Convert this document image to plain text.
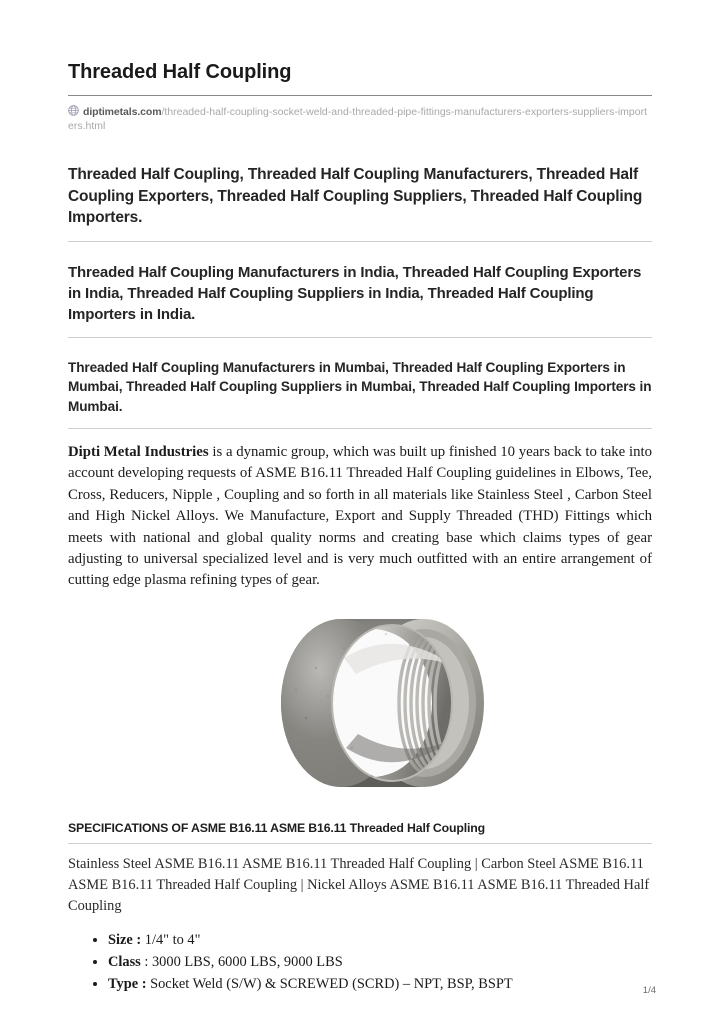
Threaded Half Coupling
diptimetals.com/threaded-half-coupling-socket-weld-and-threaded-pipe-fittings-manufacturers-exporters-suppliers-importers.html
Threaded Half Coupling, Threaded Half Coupling Manufacturers, Threaded Half Coupling Exporters, Threaded Half Coupling Suppliers, Threaded Half Coupling Importers.
Threaded Half Coupling Manufacturers in India, Threaded Half Coupling Exporters in India, Threaded Half Coupling Suppliers in India, Threaded Half Coupling Importers in India.
Threaded Half Coupling Manufacturers in Mumbai, Threaded Half Coupling Exporters in Mumbai, Threaded Half Coupling Suppliers in Mumbai, Threaded Half Coupling Importers in Mumbai.

Dipti Metal Industries is a dynamic group, which was built up finished 10 years back to take into account developing requests of ASME B16.11 Threaded Half Coupling guidelines in Elbows, Tee, Cross, Reducers, Nipple , Coupling and so forth in all materials like Stainless Steel , Carbon Steel and High Nickel Alloys. We Manufacture, Export and Supply Threaded (THD) Fittings which meets with national and global quality norms and creating base which claims types of gear adjusting to universal specialized level and is very much outfitted with an entire arrangement of cutting edge plasma refining types of gear.

SPECIFICATIONS OF ASME B16.11 ASME B16.11 Threaded Half Coupling
Stainless Steel ASME B16.11 ASME B16.11 Threaded Half Coupling | Carbon Steel ASME B16.11 ASME B16.11 Threaded Half Coupling | Nickel Alloys ASME B16.11 ASME B16.11 Threaded Half Coupling
• Size : 1/4" to 4"
• Class : 3000 LBS, 6000 LBS, 9000 LBS
• Type : Socket Weld (S/W) & SCREWED (SCRD) – NPT, BSP, BSPT	1/4
